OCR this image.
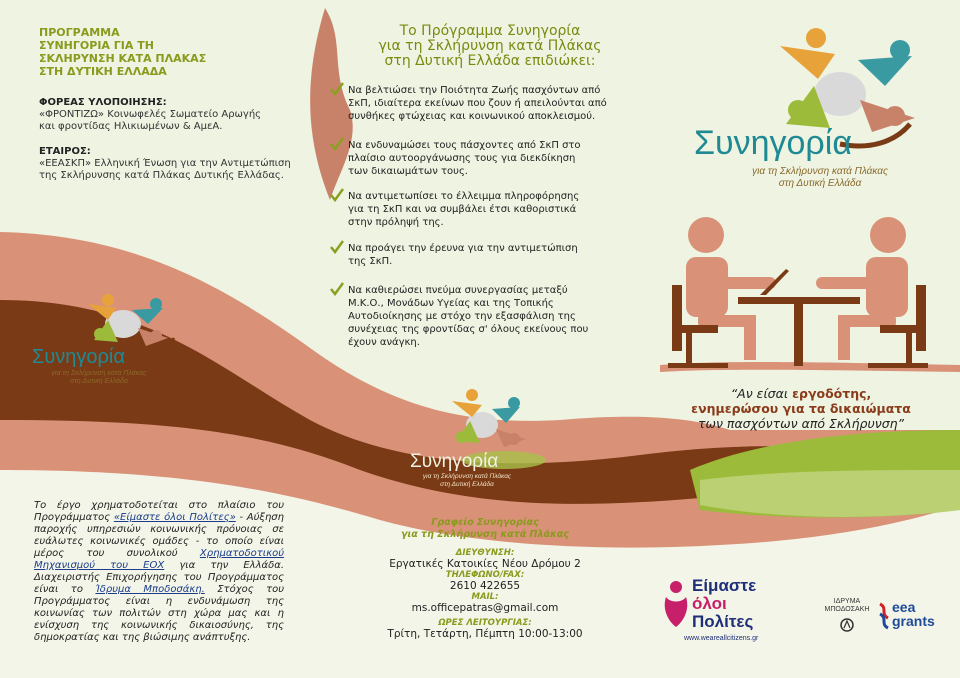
ΠΡΟΓΡΑΜΜΑ
ΣΥΝΗΓΟΡΙΑ ΓΙΑ ΤΗ
ΣΚΛΗΡΥΝΣΗ ΚΑΤΑ ΠΛΑΚΑΣ
ΣΤΗ ΔΥΤΙΚΗ ΕΛΛΑΔΑ
ΦΟΡΕΑΣ ΥΛΟΠΟΙΗΣΗΣ:
«ΦΡΟΝΤΙΖΩ» Κοινωφελές Σωματείο Αρωγής
και φροντίδας Ηλικιωμένων & ΑμεΑ.
ΕΤΑΙΡΟΣ:
«ΕΕΑΣΚΠ» Ελληνική Ένωση για την Αντιμετώπιση
της Σκλήρυνσης κατά Πλάκας Δυτικής Ελλάδας.
Συνηγορία
για τη Σκλήρυνση κατά Πλάκας
στη Δυτική Ελλάδα
Το Πρόγραμμα Συνηγορία
για τη Σκλήρυνση κατά Πλάκας
στη Δυτική Ελλάδα επιδιώκει:
Να βελτιώσει την Ποιότητα Ζωής πασχόντων από
ΣκΠ, ιδιαίτερα εκείνων που ζουν ή απειλούνται από
συνθήκες φτώχειας και κοινωνικού αποκλεισμού.
Να ενδυναμώσει τους πάσχοντες από ΣκΠ στο
πλαίσιο αυτοοργάνωσης τους για διεκδίκηση
των δικαιωμάτων τους.
Να αντιμετωπίσει το έλλειμμα πληροφόρησης
για τη ΣκΠ και να συμβάλει έτσι καθοριστικά
στην πρόληψή της.
Να προάγει την έρευνα για την αντιμετώπιση
της ΣκΠ.
Να καθιερώσει πνεύμα συνεργασίας μεταξύ
Μ.Κ.Ο., Μονάδων Υγείας και της Τοπικής
Αυτοδιοίκησης με στόχο την εξασφάλιση της
συνέχειας της φροντίδας σ' όλους εκείνους που
έχουν ανάγκη.
Συνηγορία
για τη Σκλήρυνση κατά Πλάκας
στη Δυτική Ελλάδα
Συνηγορία
για τη Σκλήρυνση κατά Πλάκας
στη Δυτική Ελλάδα
“Αν είσαι εργοδότης,
ενημερώσου για τα δικαιώματα
των πασχόντων από Σκλήρυνση”
Το έργο χρηματοδοτείται στο πλαίσιο του Προγράμματος «Είμαστε όλοι Πολίτες» - Αύξηση παροχής υπηρεσιών κοινωνικής πρόνοιας σε ευάλωτες κοινωνικές ομάδες - το οποίο είναι μέρος του συνολικού Χρηματοδοτικού Μηχανισμού του ΕΟΧ για την Ελλάδα. Διαχειριστής Επιχορήγησης του Προγράμματος είναι το Ίδρυμα Μποδοσάκη. Στόχος του Προγράμματος είναι η ενδυνάμωση της κοινωνίας των πολιτών στη χώρα μας και η ενίσχυση της κοινωνικής δικαιοσύνης, της δημοκρατίας και της βιώσιμης ανάπτυξης.
Γραφείο Συνηγορίας
για τη Σκλήρυνση κατά Πλάκας
ΔΙΕΥΘΥΝΣΗ:
Εργατικές Κατοικίες Νέου Δρόμου 2
ΤΗΛΕΦΩΝΟ/FAX:
2610 422655
MAIL:
ms.officepatras@gmail.com
ΩΡΕΣ ΛΕΙΤΟΥΡΓΙΑΣ:
Τρίτη, Τετάρτη, Πέμπτη 10:00-13:00
Είμαστε
όλοι
Πολίτες
www.weareallcitizens.gr
ΙΔΡΥΜΑ
ΜΠΟΔΟΣΑΚΗ eea
grants
